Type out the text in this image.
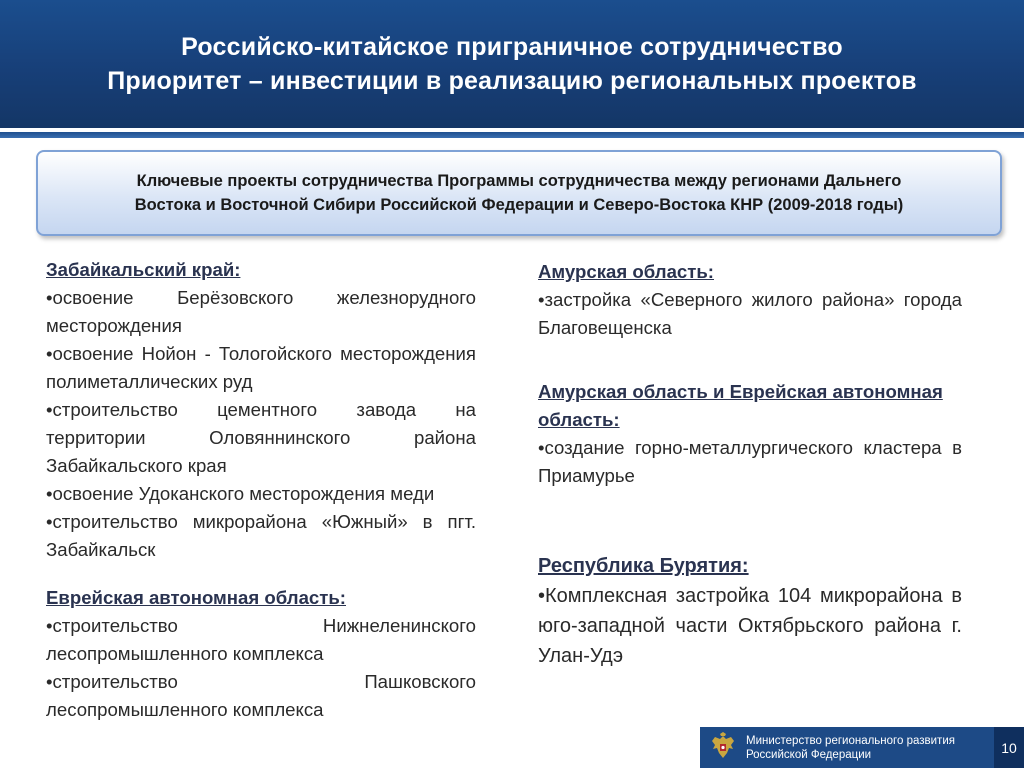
Российско-китайское приграничное сотрудничество
Приоритет – инвестиции в реализацию региональных проектов
Ключевые проекты сотрудничества Программы сотрудничества между регионами Дальнего
Востока и Восточной Сибири Российской Федерации и Северо-Востока КНР (2009-2018 годы)
Забайкальский край:
•освоение Берёзовского железнорудного месторождения
•освоение Нойон - Тологойского месторождения полиметаллических руд
•строительство цементного завода на территории Оловяннинского района Забайкальского края
•освоение Удоканского месторождения меди
•строительство микрорайона «Южный» в пгт. Забайкальск
Еврейская автономная область:
•строительство Нижнеленинского лесопромышленного комплекса
•строительство Пашковского лесопромышленного комплекса
Амурская область:
•застройка «Северного жилого района» города Благовещенска
Амурская область и Еврейская автономная область:
•создание горно-металлургического кластера в Приамурье
Республика Бурятия:
•Комплексная застройка 104 микрорайона в юго-западной части Октябрьского района г. Улан-Удэ
Министерство регионального развития
Российской Федерации	10
